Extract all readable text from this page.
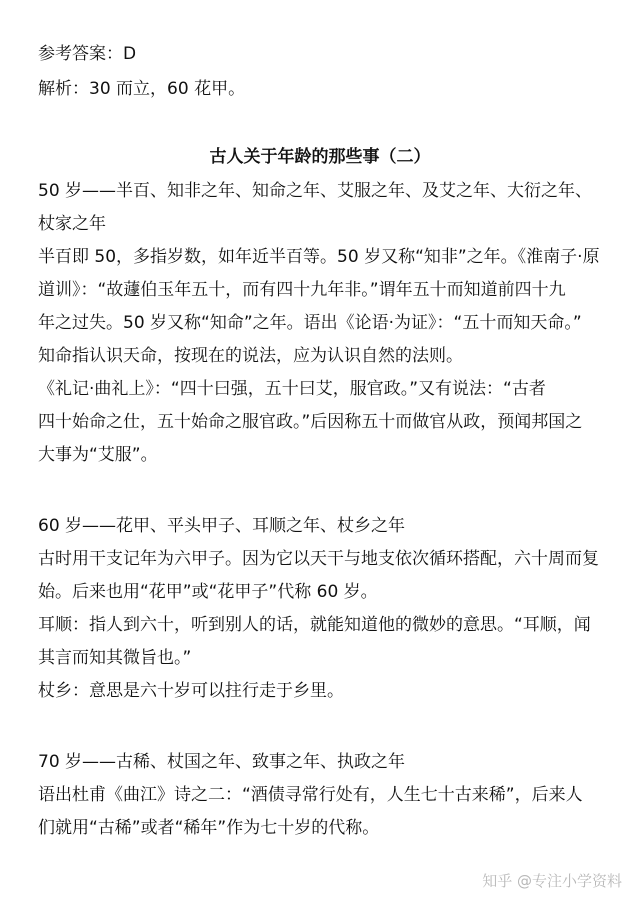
参考答案：D
解析：30 而立，60 花甲。
古人关于年龄的那些事（二）
50 岁——半百、知非之年、知命之年、艾服之年、及艾之年、大衍之年、
杖家之年
半百即 50，多指岁数，如年近半百等。50 岁又称“知非”之年。《淮南子·原
道训》：“故蘧伯玉年五十，而有四十九年非。”谓年五十而知道前四十九
年之过失。50 岁又称“知命”之年。语出《论语·为证》：“五十而知天命。”
知命指认识天命，按现在的说法，应为认识自然的法则。
《礼记·曲礼上》：“四十曰强，五十曰艾，服官政。”又有说法：“古者
四十始命之仕，五十始命之服官政。”后因称五十而做官从政，预闻邦国之
大事为“艾服”。
60 岁——花甲、平头甲子、耳顺之年、杖乡之年
古时用干支记年为六甲子。因为它以天干与地支依次循环搭配，六十周而复
始。后来也用“花甲”或“花甲子”代称 60 岁。
耳顺：指人到六十，听到别人的话，就能知道他的微妙的意思。“耳顺，闻
其言而知其微旨也。”
杖乡：意思是六十岁可以拄行走于乡里。
70 岁——古稀、杖国之年、致事之年、执政之年
语出杜甫《曲江》诗之二：“酒债寻常行处有，人生七十古来稀”，后来人
们就用“古稀”或者“稀年”作为七十岁的代称。
知乎 @专注小学资料
